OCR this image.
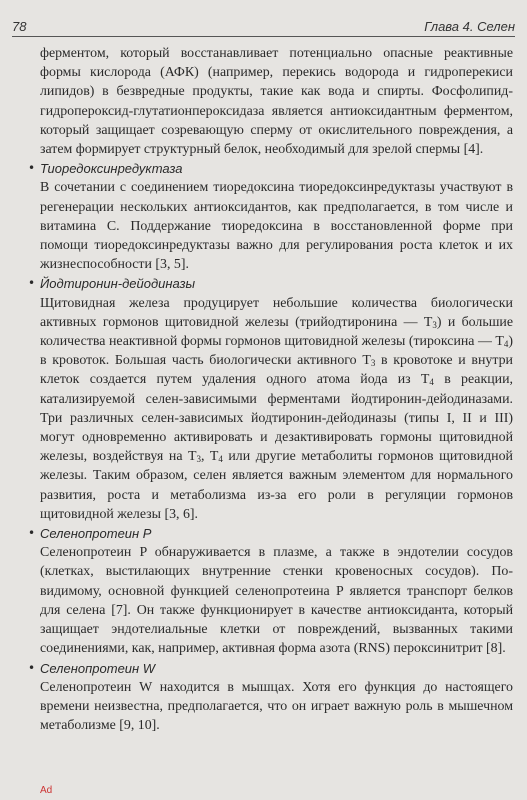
78	Глава 4. Селен

ферментом, который восстанавливает потенциально опасные реактивные формы кислорода (АФК) (например, перекись водорода и гидроперекиси липидов) в безвредные продукты, такие как вода и спирты. Фосфолипид-гидропероксид-глутатионпероксидаза является антиоксидантным ферментом, который защищает созревающую сперму от окислительного повреждения, а затем формирует структурный белок, необходимый для зрелой спермы [4].

• Тиоредоксинредуктаза

В сочетании с соединением тиоредоксина тиоредоксинредуктазы участвуют в регенерации нескольких антиоксидантов, как предполагается, в том числе и витамина С. Поддержание тиоредоксина в восстановленной форме при помощи тиоредоксинредуктазы важно для регулирования роста клеток и их жизнеспособности [3, 5].

• Йодтиронин-дейодиназы

Щитовидная железа продуцирует небольшие количества биологически активных гормонов щитовидной железы (трийодтиронина — $T_3$) и большие количества неактивной формы гормонов щитовидной железы (тироксина — $T_4$) в кровоток. Большая часть биологически активного $T_3$ в кровотоке и внутри клеток создается путем удаления одного атома йода из $T_4$ в реакции, катализируемой селен-зависимыми ферментами йодтиронин-дейодиназами. Три различных селен-зависимых йодтиронин-дейодиназы (типы I, II и III) могут одновременно активировать и дезактивировать гормоны щитовидной железы, воздействуя на $T_3$, $T_4$ или другие метаболиты гормонов щитовидной железы. Таким образом, селен является важным элементом для нормального развития, роста и метаболизма из-за его роли в регуляции гормонов щитовидной железы [3, 6].

• Селенопротеин P

Селенопротеин P обнаруживается в плазме, а также в эндотелии сосудов (клетках, выстилающих внутренние стенки кровеносных сосудов). По-видимому, основной функцией селенопротеина P является транспорт белков для селена [7]. Он также функционирует в качестве антиоксиданта, который защищает эндотелиальные клетки от повреждений, вызванных такими соединениями, как, например, активная форма азота (RNS) пероксинитрит [8].

• Селенопротеин W

Селенопротеин W находится в мышцах. Хотя его функция до настоящего времени неизвестна, предполагается, что он играет важную роль в мышечном метаболизме [9, 10].

Ad
